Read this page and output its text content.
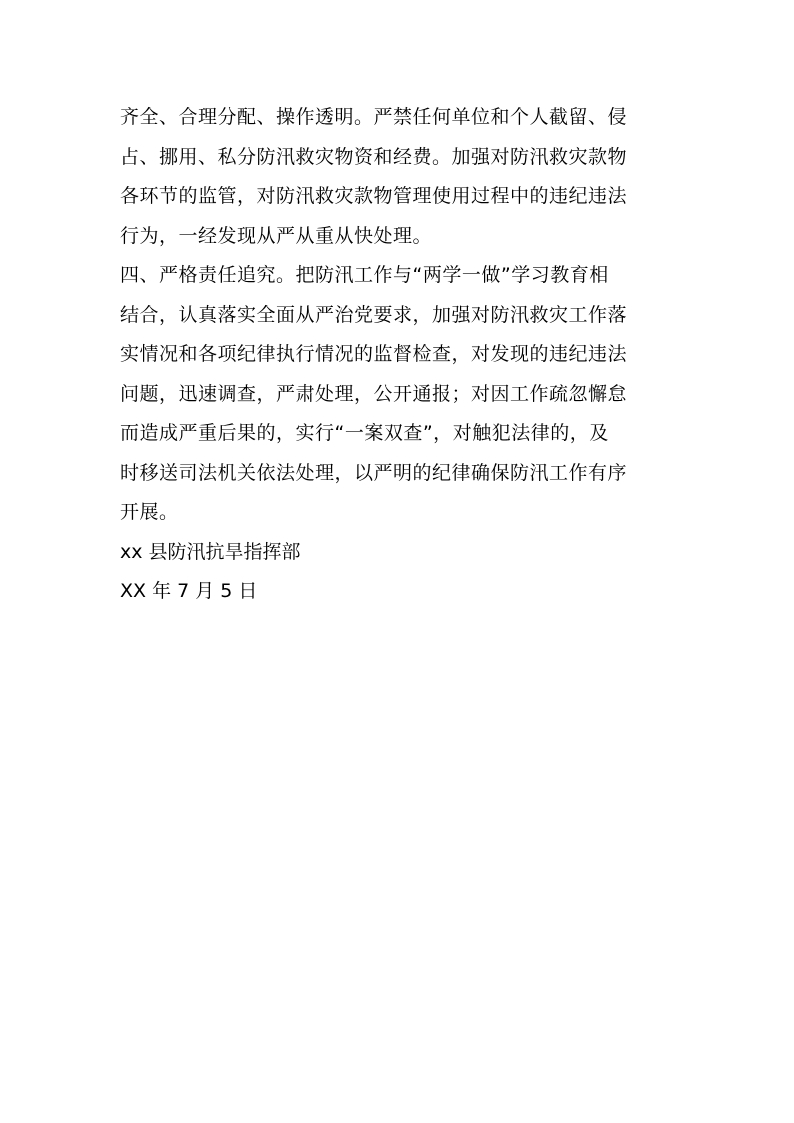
齐全、合理分配、操作透明。严禁任何单位和个人截留、侵
占、挪用、私分防汛救灾物资和经费。加强对防汛救灾款物
各环节的监管，对防汛救灾款物管理使用过程中的违纪违法
行为，一经发现从严从重从快处理。
四、严格责任追究。把防汛工作与“两学一做”学习教育相
结合，认真落实全面从严治党要求，加强对防汛救灾工作落
实情况和各项纪律执行情况的监督检查，对发现的违纪违法
问题，迅速调查，严肃处理，公开通报；对因工作疏忽懈怠
而造成严重后果的，实行“一案双查”，对触犯法律的，及
时移送司法机关依法处理，以严明的纪律确保防汛工作有序
开展。
xx 县防汛抗旱指挥部
XX 年 7 月 5 日
